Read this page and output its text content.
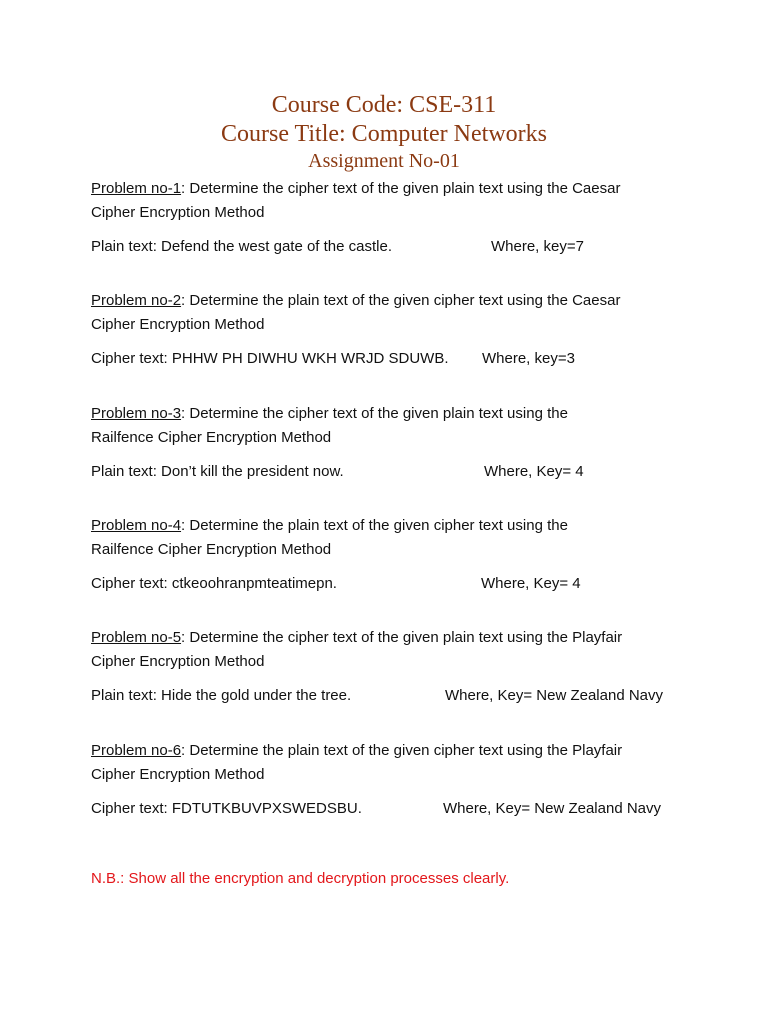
Course Code: CSE-311
Course Title: Computer Networks
Assignment No-01
Problem no-1: Determine the cipher text of the given plain text using the Caesar
Cipher Encryption Method
Plain text: Defend the west gate of the castle.	Where, key=7
Problem no-2: Determine the plain text of the given cipher text using the Caesar
Cipher Encryption Method
Cipher text: PHHW PH DIWHU WKH WRJD SDUWB. Where, key=3
Problem no-3: Determine the cipher text of the given plain text using the
Railfence Cipher Encryption Method
Plain text: Don’t kill the president now.	Where, Key= 4
Problem no-4: Determine the plain text of the given cipher text using the
Railfence Cipher Encryption Method
Cipher text: ctkeoohranpmteatimepn.	Where, Key= 4
Problem no-5: Determine the cipher text of the given plain text using the Playfair
Cipher Encryption Method
Plain text: Hide the gold under the tree.	Where, Key= New Zealand Navy
Problem no-6: Determine the plain text of the given cipher text using the Playfair
Cipher Encryption Method
Cipher text: FDTUTKBUVPXSWEDSBU.	Where, Key= New Zealand Navy
N.B.: Show all the encryption and decryption processes clearly.
